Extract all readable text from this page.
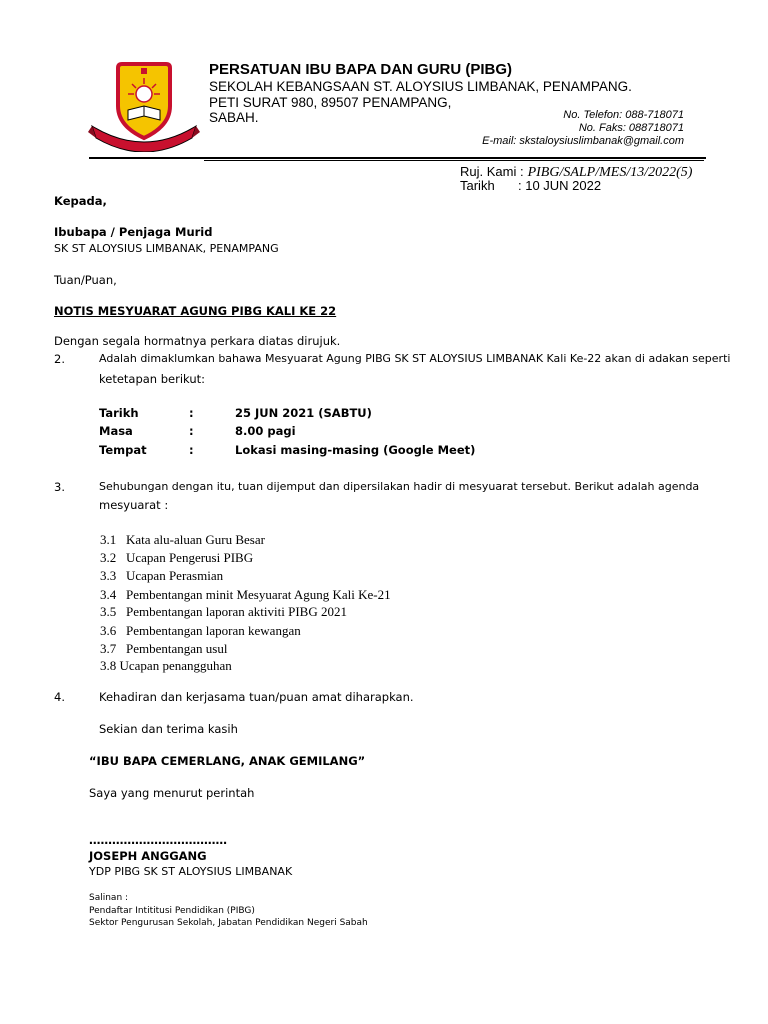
PERSATUAN IBU BAPA DAN GURU (PIBG)
SEKOLAH KEBANGSAAN ST. ALOYSIUS LIMBANAK, PENAMPANG.
PETI SURAT 980, 89507 PENAMPANG,
SABAH.	No. Telefon: 088-718071
No. Faks: 088718071
E-mail: skstaloysiuslimbanak@gmail.com
Ruj. Kami : PIBG/SALP/MES/13/2022(5)
Tarikh : 10 JUN 2022
Kepada,
Ibubapa / Penjaga Murid
SK ST ALOYSIUS LIMBANAK, PENAMPANG
Tuan/Puan,
NOTIS MESYUARAT AGUNG PIBG KALI KE 22
Dengan segala hormatnya perkara diatas dirujuk.
2.	Adalah dimaklumkan bahawa Mesyuarat Agung PIBG SK ST ALOYSIUS LIMBANAK Kali Ke-22 akan di adakan seperti
ketetapan berikut:
Tarikh	:	25 JUN 2021 (SABTU)
Masa	:	8.00 pagi
Tempat	:	Lokasi masing-masing (Google Meet)
3.	Sehubungan dengan itu, tuan dijemput dan dipersilakan hadir di mesyuarat tersebut. Berikut adalah agenda
mesyuarat :
3.1   Kata alu-aluan Guru Besar
3.2   Ucapan Pengerusi PIBG
3.3   Ucapan Perasmian
3.4   Pembentangan minit Mesyuarat Agung Kali Ke-21
3.5   Pembentangan laporan aktiviti PIBG 2021
3.6   Pembentangan laporan kewangan
3.7   Pembentangan usul
3.8 Ucapan penangguhan
4.	Kehadiran dan kerjasama tuan/puan amat diharapkan.
Sekian dan terima kasih
“IBU BAPA CEMERLANG, ANAK GEMILANG”
Saya yang menurut perintah
………………………………
JOSEPH ANGGANG
YDP PIBG SK ST ALOYSIUS LIMBANAK
Salinan :
Pendaftar Intititusi Pendidikan (PIBG)
Sektor Pengurusan Sekolah, Jabatan Pendidikan Negeri Sabah
